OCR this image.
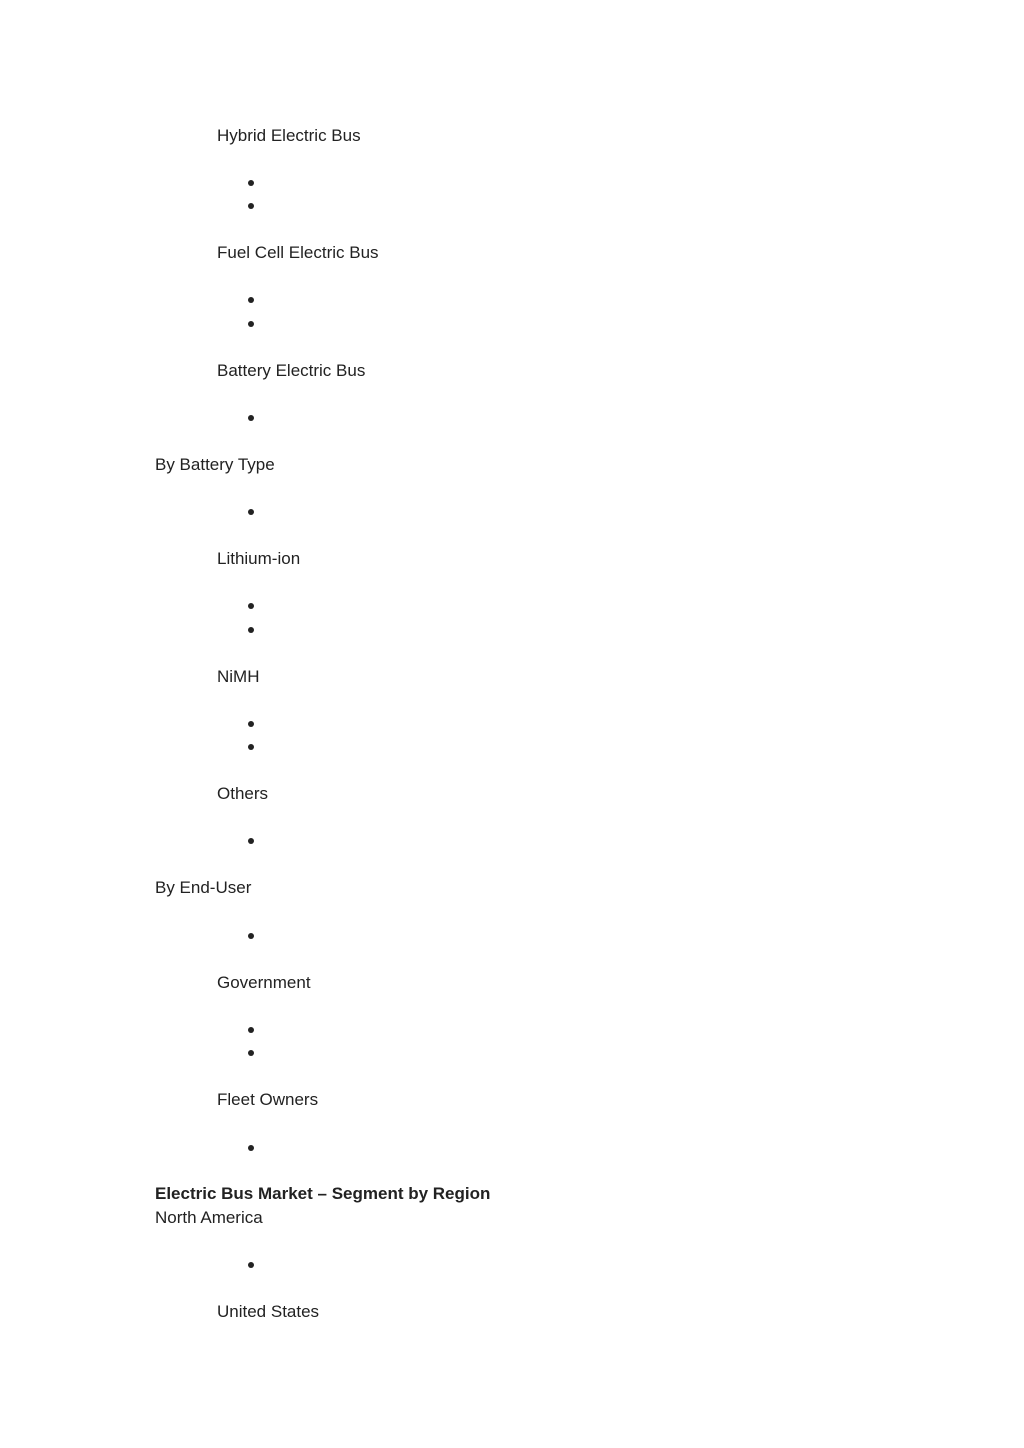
Hybrid Electric Bus
Fuel Cell Electric Bus
Battery Electric Bus
By Battery Type
Lithium-ion
NiMH
Others
By End-User
Government
Fleet Owners
Electric Bus Market – Segment by Region
North America
United States
